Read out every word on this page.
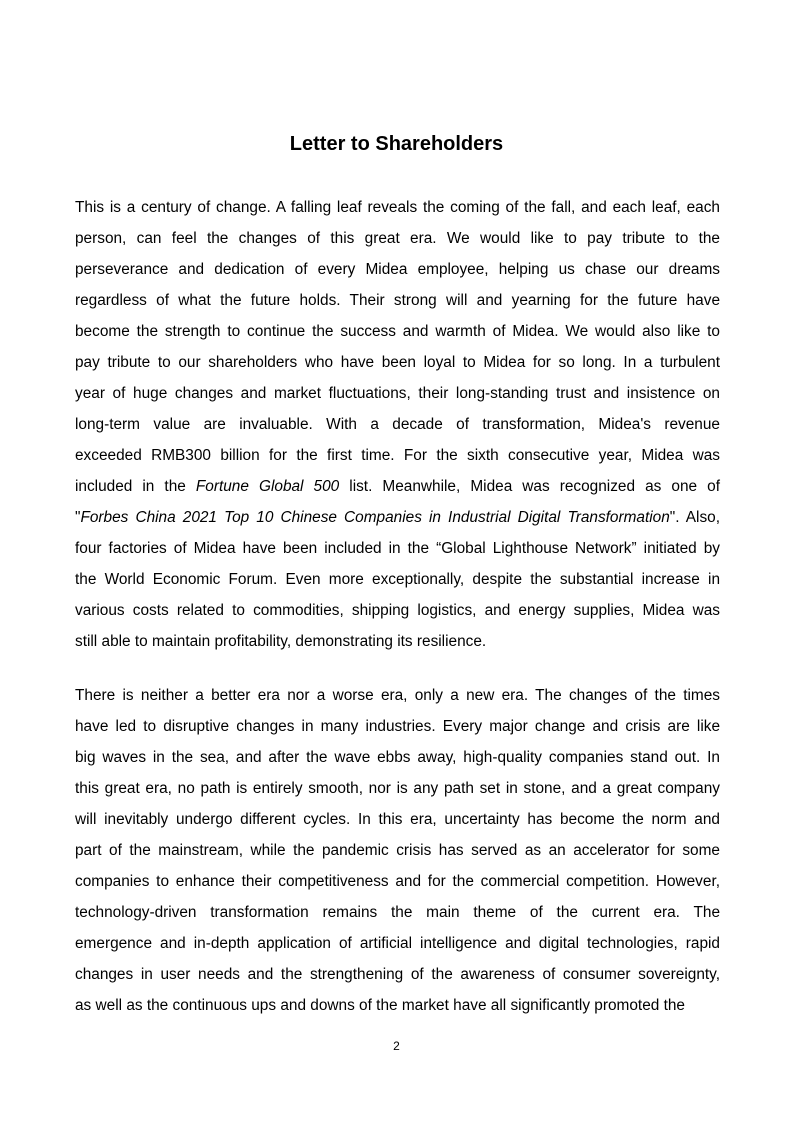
Letter to Shareholders
This is a century of change. A falling leaf reveals the coming of the fall, and each leaf, each
person, can feel the changes of this great era. We would like to pay tribute to the
perseverance and dedication of every Midea employee, helping us chase our dreams
regardless of what the future holds. Their strong will and yearning for the future have
become the strength to continue the success and warmth of Midea. We would also like to
pay tribute to our shareholders who have been loyal to Midea for so long. In a turbulent
year of huge changes and market fluctuations, their long-standing trust and insistence on
long-term value are invaluable. With a decade of transformation, Midea's revenue
exceeded RMB300 billion for the first time. For the sixth consecutive year, Midea was
included in the Fortune Global 500 list. Meanwhile, Midea was recognized as one of
"Forbes China 2021 Top 10 Chinese Companies in Industrial Digital Transformation". Also,
four factories of Midea have been included in the “Global Lighthouse Network” initiated by
the World Economic Forum. Even more exceptionally, despite the substantial increase in
various costs related to commodities, shipping logistics, and energy supplies, Midea was
still able to maintain profitability, demonstrating its resilience.
There is neither a better era nor a worse era, only a new era. The changes of the times
have led to disruptive changes in many industries. Every major change and crisis are like
big waves in the sea, and after the wave ebbs away, high-quality companies stand out. In
this great era, no path is entirely smooth, nor is any path set in stone, and a great company
will inevitably undergo different cycles. In this era, uncertainty has become the norm and
part of the mainstream, while the pandemic crisis has served as an accelerator for some
companies to enhance their competitiveness and for the commercial competition. However,
technology-driven transformation remains the main theme of the current era. The
emergence and in-depth application of artificial intelligence and digital technologies, rapid
changes in user needs and the strengthening of the awareness of consumer sovereignty,
as well as the continuous ups and downs of the market have all significantly promoted the
2
